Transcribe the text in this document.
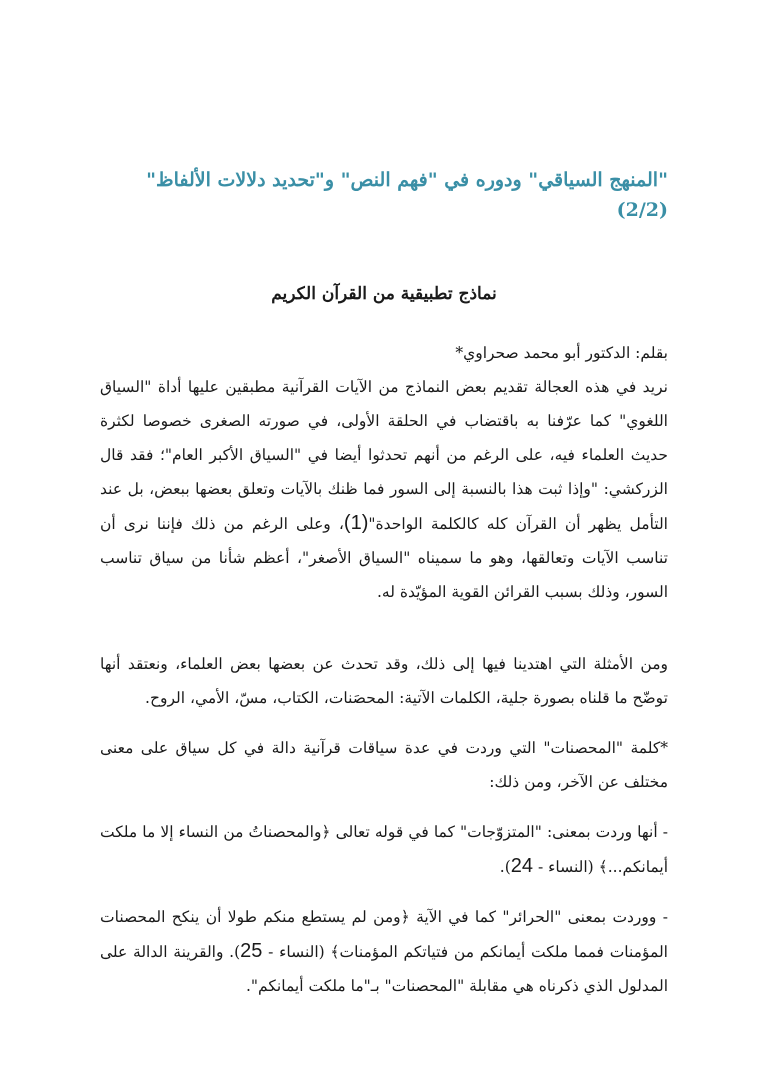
"المنهج السياقي" ودوره في "فهم النص" و"تحديد دلالات الألفاظ" (2/2)
نماذج تطبيقية من القرآن الكريم

بقلم: الدكتور أبو محمد صحراوي*

نريد في هذه العجالة تقديم بعض النماذج من الآيات القرآنية مطبقين عليها أداة "السياق اللغوي" كما عرّفنا به باقتضاب في الحلقة الأولى، في صورته الصغرى خصوصا لكثرة حديث العلماء فيه، على الرغم من أنهم تحدثوا أيضا في "السياق الأكبر العام"؛ فقد قال الزركشي: "وإذا ثبت هذا بالنسبة إلى السور فما ظنك بالآيات وتعلق بعضها ببعض، بل عند التأمل يظهر أن القرآن كله كالكلمة الواحدة"(1)، وعلى الرغم من ذلك فإننا نرى أن تناسب الآيات وتعالقها، وهو ما سميناه "السياق الأصغر"، أعظم شأنا من سياق تناسب السور، وذلك بسبب القرائن القوية المؤيّدة له.

ومن الأمثلة التي اهتدينا فيها إلى ذلك، وقد تحدث عن بعضها بعض العلماء، ونعتقد أنها توضّح ما قلناه بصورة جلية، الكلمات الآتية: المحصَنات، الكتاب، مسّ، الأمي، الروح.

*كلمة "المحصنات" التي وردت في عدة سياقات قرآنية دالة في كل سياق على معنى مختلف عن الآخر، ومن ذلك:

- أنها وردت بمعنى: "المتزوّجات" كما في قوله تعالى ﴿والمحصناتُ من النساء إلا ما ملكت أيمانكم...﴾ (النساء - 24).

- ووردت بمعنى "الحرائر" كما في الآية ﴿ومن لم يستطع منكم طولا أن ينكح المحصنات المؤمنات فمما ملكت أيمانكم من فتياتكم المؤمنات﴾ (النساء - 25). والقرينة الدالة على المدلول الذي ذكرناه هي مقابلة "المحصنات" بـ"ما ملكت أيمانكم".
